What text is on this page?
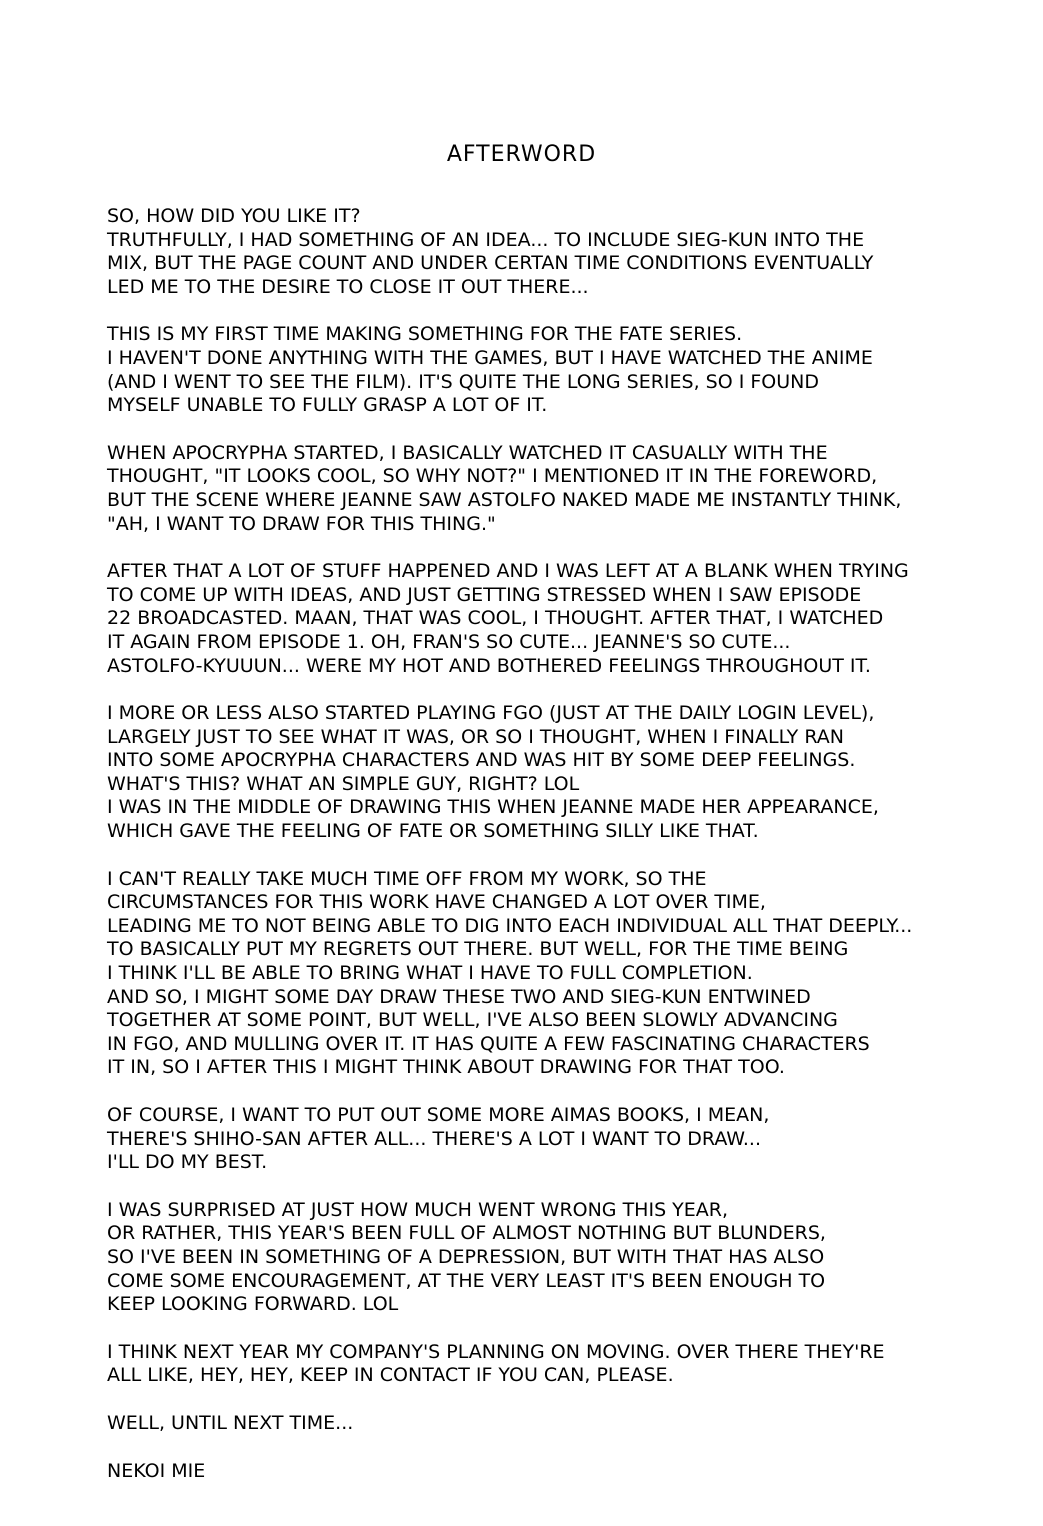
AFTERWORD
SO, HOW DID YOU LIKE IT?
TRUTHFULLY, I HAD SOMETHING OF AN IDEA... TO INCLUDE SIEG-KUN INTO THE
MIX, BUT THE PAGE COUNT AND UNDER CERTAN TIME CONDITIONS EVENTUALLY
LED ME TO THE DESIRE TO CLOSE IT OUT THERE...
THIS IS MY FIRST TIME MAKING SOMETHING FOR THE FATE SERIES.
I HAVEN'T DONE ANYTHING WITH THE GAMES, BUT I HAVE WATCHED THE ANIME
(AND I WENT TO SEE THE FILM). IT'S QUITE THE LONG SERIES, SO I FOUND
MYSELF UNABLE TO FULLY GRASP A LOT OF IT.
WHEN APOCRYPHA STARTED, I BASICALLY WATCHED IT CASUALLY WITH THE
THOUGHT, "IT LOOKS COOL, SO WHY NOT?" I MENTIONED IT IN THE FOREWORD,
BUT THE SCENE WHERE JEANNE SAW ASTOLFO NAKED MADE ME INSTANTLY THINK,
"AH, I WANT TO DRAW FOR THIS THING."
AFTER THAT A LOT OF STUFF HAPPENED AND I WAS LEFT AT A BLANK WHEN TRYING
TO COME UP WITH IDEAS, AND JUST GETTING STRESSED WHEN I SAW EPISODE
22 BROADCASTED. MAAN, THAT WAS COOL, I THOUGHT. AFTER THAT, I WATCHED
IT AGAIN FROM EPISODE 1. OH, FRAN'S SO CUTE... JEANNE'S SO CUTE...
ASTOLFO-KYUUUN... WERE MY HOT AND BOTHERED FEELINGS THROUGHOUT IT.
I MORE OR LESS ALSO STARTED PLAYING FGO (JUST AT THE DAILY LOGIN LEVEL),
LARGELY JUST TO SEE WHAT IT WAS, OR SO I THOUGHT, WHEN I FINALLY RAN
INTO SOME APOCRYPHA CHARACTERS AND WAS HIT BY SOME DEEP FEELINGS.
WHAT'S THIS? WHAT AN SIMPLE GUY, RIGHT? LOL
I WAS IN THE MIDDLE OF DRAWING THIS WHEN JEANNE MADE HER APPEARANCE,
WHICH GAVE THE FEELING OF FATE OR SOMETHING SILLY LIKE THAT.
I CAN'T REALLY TAKE MUCH TIME OFF FROM MY WORK, SO THE
CIRCUMSTANCES FOR THIS WORK HAVE CHANGED A LOT OVER TIME,
LEADING ME TO NOT BEING ABLE TO DIG INTO EACH INDIVIDUAL ALL THAT DEEPLY...
TO BASICALLY PUT MY REGRETS OUT THERE. BUT WELL, FOR THE TIME BEING
I THINK I'LL BE ABLE TO BRING WHAT I HAVE TO FULL COMPLETION.
AND SO, I MIGHT SOME DAY DRAW THESE TWO AND SIEG-KUN ENTWINED
TOGETHER AT SOME POINT, BUT WELL, I'VE ALSO BEEN SLOWLY ADVANCING
IN FGO, AND MULLING OVER IT. IT HAS QUITE A FEW FASCINATING CHARACTERS
IT IN, SO I AFTER THIS I MIGHT THINK ABOUT DRAWING FOR THAT TOO.
OF COURSE, I WANT TO PUT OUT SOME MORE AIMAS BOOKS, I MEAN,
THERE'S SHIHO-SAN AFTER ALL... THERE'S A LOT I WANT TO DRAW...
I'LL DO MY BEST.
I WAS SURPRISED AT JUST HOW MUCH WENT WRONG THIS YEAR,
OR RATHER, THIS YEAR'S BEEN FULL OF ALMOST NOTHING BUT BLUNDERS,
SO I'VE BEEN IN SOMETHING OF A DEPRESSION, BUT WITH THAT HAS ALSO
COME SOME ENCOURAGEMENT, AT THE VERY LEAST IT'S BEEN ENOUGH TO
KEEP LOOKING FORWARD. LOL
I THINK NEXT YEAR MY COMPANY'S PLANNING ON MOVING. OVER THERE THEY'RE
ALL LIKE, HEY, HEY, KEEP IN CONTACT IF YOU CAN, PLEASE.
WELL, UNTIL NEXT TIME...
NEKOI MIE
